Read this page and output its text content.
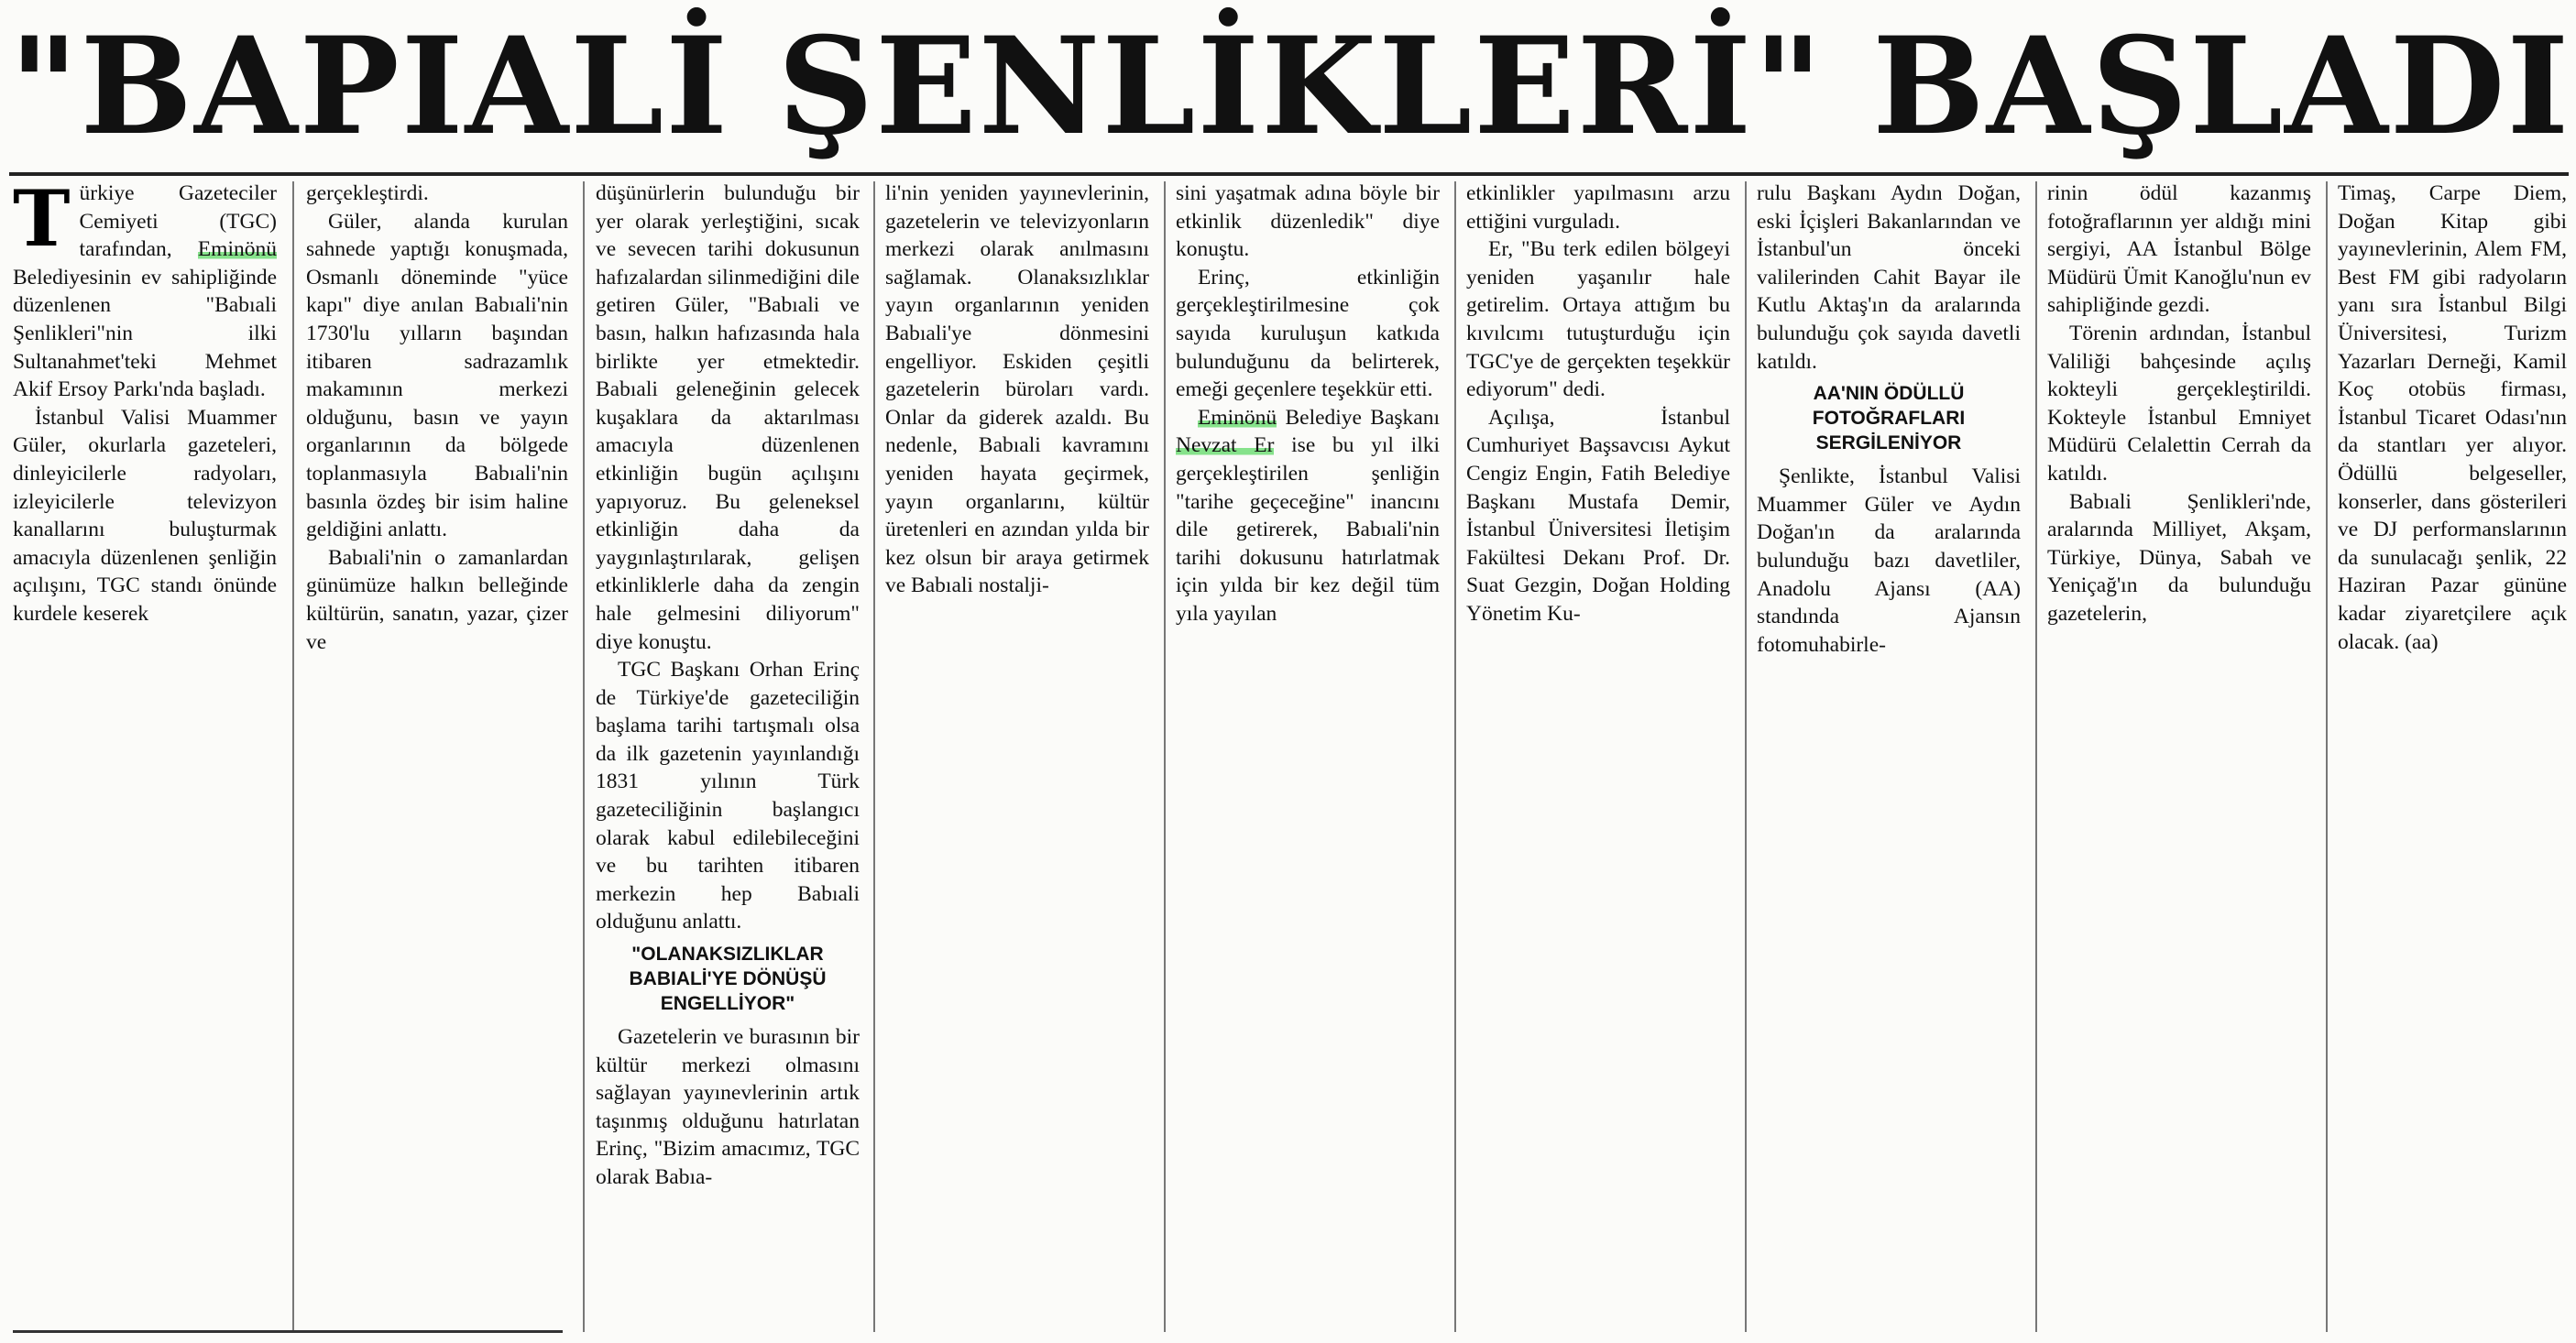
"BAPIALİ ŞENLİKLERİ" BAŞLADI

Türkiye Gazeteciler Cemiyeti (TGC) tarafından, Eminönü Belediyesinin ev sahipliğinde düzenlenen "Babıali Şenlikleri"nin ilki Sultanahmet'teki Mehmet Akif Ersoy Parkı'nda başladı.

İstanbul Valisi Muammer Güler, okurlarla gazeteleri, dinleyicilerle radyoları, izleyicilerle televizyon kanallarını buluşturmak amacıyla düzenlenen şenliğin açılışını, TGC standı önünde kurdele keserek

gerçekleştirdi.

Güler, alanda kurulan sahnede yaptığı konuşmada, Osmanlı döneminde "yüce kapı" diye anılan Babıali'nin 1730'lu yılların başından itibaren sadrazamlık makamının merkezi olduğunu, basın ve yayın organlarının da bölgede toplanmasıyla Babıali'nin basınla özdeş bir isim haline geldiğini anlattı.

Babıali'nin o zamanlardan günümüze halkın belleğinde kültürün, sanatın, yazar, çizer ve

düşünürlerin bulunduğu bir yer olarak yerleştiğini, sıcak ve sevecen tarihi dokusunun hafızalardan silinmediğini dile getiren Güler, "Babıali ve basın, halkın hafızasında hala birlikte yer etmektedir. Babıali geleneğinin gelecek kuşaklara da aktarılması amacıyla düzenlenen etkinliğin bugün açılışını yapıyoruz. Bu geleneksel etkinliğin daha da yaygınlaştırılarak, gelişen etkinliklerle daha da zengin hale gelmesini diliyorum" diye konuştu.

TGC Başkanı Orhan Erinç de Türkiye'de gazeteciliğin başlama tarihi tartışmalı olsa da ilk gazetenin yayınlandığı 1831 yılının Türk gazeteciliğinin başlangıcı olarak kabul edilebileceğini ve bu tarihten itibaren merkezin hep Babıali olduğunu anlattı.

"OLANAKSIZLIKLAR BABIALİ'YE DÖNÜŞÜ ENGELLİYOR"

Gazetelerin ve burasının bir kültür merkezi olmasını sağlayan yayınevlerinin artık taşınmış olduğunu hatırlatan Erinç, "Bizim amacımız, TGC olarak Babıa-

li'nin yeniden yayınevlerinin, gazetelerin ve televizyonların merkezi olarak anılmasını sağlamak. Olanaksızlıklar yayın organlarının yeniden Babıali'ye dönmesini engelliyor. Eskiden çeşitli gazetelerin büroları vardı. Onlar da giderek azaldı. Bu nedenle, Babıali kavramını yeniden hayata geçirmek, yayın organlarını, kültür üretenleri en azından yılda bir kez olsun bir araya getirmek ve Babıali nostalji-

sini yaşatmak adına böyle bir etkinlik düzenledik" diye konuştu.

Erinç, etkinliğin gerçekleştirilmesine çok sayıda kuruluşun katkıda bulunduğunu da belirterek, emeği geçenlere teşekkür etti.

Eminönü Belediye Başkanı Nevzat Er ise bu yıl ilki gerçekleştirilen şenliğin "tarihe geçeceğine" inancını dile getirerek, Babıali'nin tarihi dokusunu hatırlatmak için yılda bir kez değil tüm yıla yayılan

etkinlikler yapılmasını arzu ettiğini vurguladı.

Er, "Bu terk edilen bölgeyi yeniden yaşanılır hale getirelim. Ortaya attığım bu kıvılcımı tutuşturduğu için TGC'ye de gerçekten teşekkür ediyorum" dedi.

Açılışa, İstanbul Cumhuriyet Başsavcısı Aykut Cengiz Engin, Fatih Belediye Başkanı Mustafa Demir, İstanbul Üniversitesi İletişim Fakültesi Dekanı Prof. Dr. Suat Gezgin, Doğan Holding Yönetim Ku-

rulu Başkanı Aydın Doğan, eski İçişleri Bakanlarından ve İstanbul'un önceki valilerinden Cahit Bayar ile Kutlu Aktaş'ın da aralarında bulunduğu çok sayıda davetli katıldı.

AA'NIN ÖDÜLLÜ FOTOĞRAFLARI SERGİLENİYOR

Şenlikte, İstanbul Valisi Muammer Güler ve Aydın Doğan'ın da aralarında bulunduğu bazı davetliler, Anadolu Ajansı (AA) standında Ajansın fotomuhabirle-

rinin ödül kazanmış fotoğraflarının yer aldığı mini sergiyi, AA İstanbul Bölge Müdürü Ümit Kanoğlu'nun ev sahipliğinde gezdi.

Törenin ardından, İstanbul Valiliği bahçesinde açılış kokteyli gerçekleştirildi. Kokteyle İstanbul Emniyet Müdürü Celalettin Cerrah da katıldı.

Babıali Şenlikleri'nde, aralarında Milliyet, Akşam, Türkiye, Dünya, Sabah ve Yeniçağ'ın da bulunduğu gazetelerin,

Timaş, Carpe Diem, Doğan Kitap gibi yayınevlerinin, Alem FM, Best FM gibi radyoların yanı sıra İstanbul Bilgi Üniversitesi, Turizm Yazarları Derneği, Kamil Koç otobüs firması, İstanbul Ticaret Odası'nın da stantları yer alıyor. Ödüllü belgeseller, konserler, dans gösterileri ve DJ performanslarının da sunulacağı şenlik, 22 Haziran Pazar gününe kadar ziyaretçilere açık olacak. (aa)
